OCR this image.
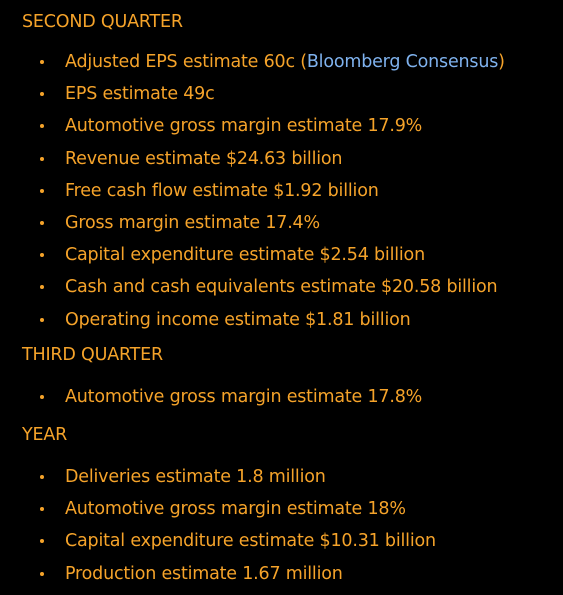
SECOND QUARTER
Adjusted EPS estimate 60c (Bloomberg Consensus)
EPS estimate 49c
Automotive gross margin estimate 17.9%
Revenue estimate $24.63 billion
Free cash flow estimate $1.92 billion
Gross margin estimate 17.4%
Capital expenditure estimate $2.54 billion
Cash and cash equivalents estimate $20.58 billion
Operating income estimate $1.81 billion
THIRD QUARTER
Automotive gross margin estimate 17.8%
YEAR
Deliveries estimate 1.8 million
Automotive gross margin estimate 18%
Capital expenditure estimate $10.31 billion
Production estimate 1.67 million
